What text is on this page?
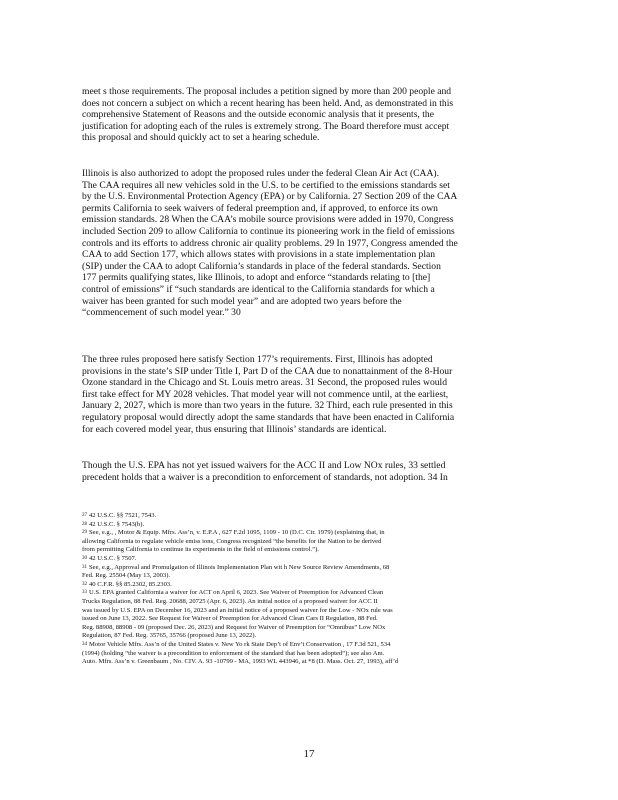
meet s those requirements. The proposal includes a petition signed by more than 200 people and
does not concern a subject on which a recent hearing has been held. And, as demonstrated in this
comprehensive Statement of Reasons and the outside economic analysis that it presents, the
justification for adopting each of the rules is extremely strong. The Board therefore must accept
this proposal and should quickly act to set a hearing schedule.
Illinois is also authorized to adopt the proposed rules under the federal Clean Air Act (CAA).
The CAA requires all new vehicles sold in the U.S. to be certified to the emissions standards set
by the U.S. Environmental Protection Agency (EPA) or by California. 27 Section 209 of the CAA
permits California to seek waivers of federal preemption and, if approved, to enforce its own
emission standards. 28 When the CAA’s mobile source provisions were added in 1970, Congress
included Section 209 to allow California to continue its pioneering work in the field of emissions
controls and its efforts to address chronic air quality problems. 29 In 1977, Congress amended the
CAA to add Section 177, which allows states with provisions in a state implementation plan
(SIP) under the CAA to adopt California’s standards in place of the federal standards. Section
177 permits qualifying states, like Illinois, to adopt and enforce “standards relating to [the]
control of emissions” if “such standards are identical to the California standards for which a
waiver has been granted for such model year” and are adopted two years before the
“commencement of such model year.” 30
The three rules proposed here satisfy Section 177’s requirements. First, Illinois has adopted
provisions in the state’s SIP under Title I, Part D of the CAA due to nonattainment of the 8-Hour
Ozone standard in the Chicago and St. Louis metro areas. 31 Second, the proposed rules would
first take effect for MY 2028 vehicles. That model year will not commence until, at the earliest,
January 2, 2027, which is more than two years in the future. 32 Third, each rule presented in this
regulatory proposal would directly adopt the same standards that have been enacted in California
for each covered model year, thus ensuring that Illinois’ standards are identical.
Though the U.S. EPA has not yet issued waivers for the ACC II and Low NOx rules, 33 settled
precedent holds that a waiver is a precondition to enforcement of standards, not adoption. 34 In
27 42 U.S.C. §§ 7521, 7543.
28 42 U.S.C. § 7543(b).
29 See, e.g., , Motor & Equip. Mfrs. Ass’n, v. E.P.A , 627 F.2d 1095, 1109 - 10 (D.C. Cir. 1979) (explaining that, in
allowing California to regulate vehicle emiss ions, Congress recognized “the benefits for the Nation to be derived
from permitting California to continue its experiments in the field of emissions control.”).
30 42 U.S.C. § 7507.
31 See, e.g., Approval and Promulgation of Illinois Implementation Plan wit h New Source Review Amendments, 68
Fed. Reg. 25504 (May 13, 2003).
32 40 C.F.R. §§ 85.2302, 85.2303.
33 U.S. EPA granted California a waiver for ACT on April 6, 2023. See Waiver of Preemption for Advanced Clean
Trucks Regulation, 88 Fed. Reg. 20688, 20725 (Apr. 6, 2023). An initial notice of a proposed waiver for ACC II
was issued by U.S. EPA on December 16, 2023 and an initial notice of a proposed waiver for the Low - NOx rule was
issued on June 13, 2022. See Request for Waiver of Preemption for Advanced Clean Cars II Regulation, 88 Fed.
Reg. 88908, 88908 - 09 (proposed Dec. 26, 2023) and Request for Waiver of Preemption for “Omnibus” Low NOx
Regulation, 87 Fed. Reg. 35765, 35766 (proposed June 13, 2022).
34 Motor Vehicle Mfrs. Ass’n of the United States v. New Yo rk State Dep’t of Env’t Conservation , 17 F.3d 521, 534
(1994) (holding “the waiver is a precondition to enforcement of the standard that has been adopted”); see also Am.
Auto. Mfrs. Ass’n v. Greenbaum , No. CIV. A. 93 -10799 - MA, 1993 WL 443946, at *8 (D. Mass. Oct. 27, 1993), aff’d
17
